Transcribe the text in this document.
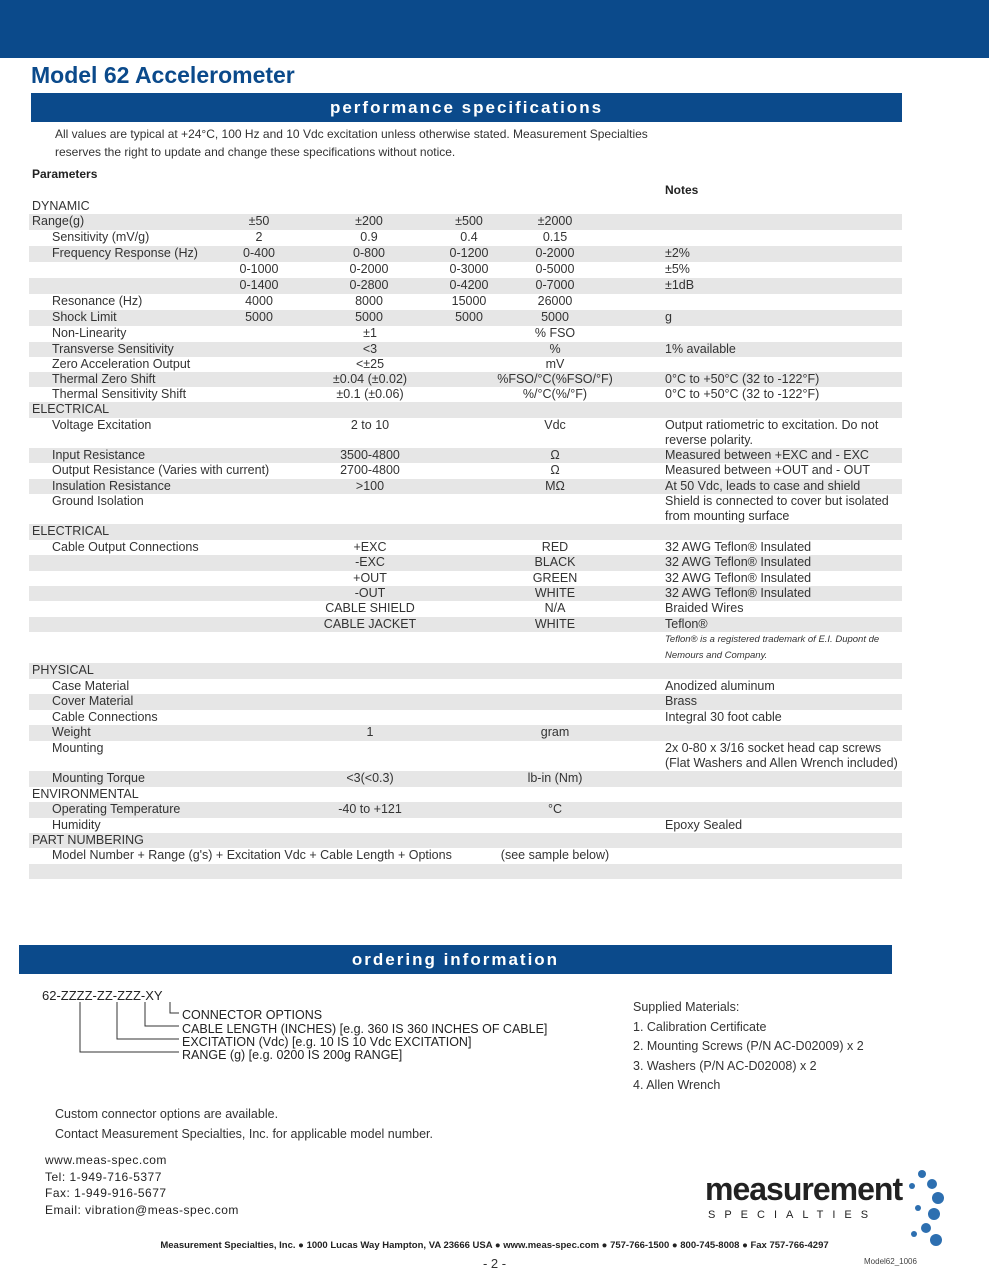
Model 62 Accelerometer
performance specifications
All values are typical at +24°C, 100 Hz and 10 Vdc excitation unless otherwise stated. Measurement Specialties
reserves the right to update and change these specifications without notice.
Parameters
Notes
DYNAMIC
Range(g)	±50	±200	±500	±2000
Sensitivity (mV/g)	2	0.9	0.4	0.15
Frequency Response (Hz)	0-400	0-800	0-1200	0-2000	±2%
0-1000	0-2000	0-3000	0-5000	±5%
0-1400	0-2800	0-4200	0-7000	±1dB
Resonance (Hz)	4000	8000	15000	26000
Shock Limit	5000	5000	5000	5000	g
Non-Linearity	±1	% FSO
Transverse Sensitivity	<3	%	1% available
Zero Acceleration Output	<±25	mV
Thermal Zero Shift	±0.04 (±0.02)	%FSO/°C(%FSO/°F)	0°C to +50°C (32 to -122°F)
Thermal Sensitivity Shift	±0.1 (±0.06)	%/°C(%/°F)	0°C to +50°C (32 to -122°F)
ELECTRICAL
Voltage Excitation	2 to 10	Vdc	Output ratiometric to excitation. Do not reverse polarity.
Input Resistance	3500-4800	Ω	Measured between +EXC and - EXC
Output Resistance (Varies with current)	2700-4800	Ω	Measured between +OUT and - OUT
Insulation Resistance	>100	MΩ	At 50 Vdc, leads to case and shield
Ground Isolation	Shield is connected to cover but isolated from mounting surface
ELECTRICAL
Cable Output Connections	+EXC	RED	32 AWG Teflon® Insulated
-EXC	BLACK	32 AWG Teflon® Insulated
+OUT	GREEN	32 AWG Teflon® Insulated
-OUT	WHITE	32 AWG Teflon® Insulated
CABLE SHIELD	N/A	Braided Wires
CABLE JACKET	WHITE	Teflon®
Teflon® is a registered trademark of E.I. Dupont de Nemours and Company.
PHYSICAL
Case Material	Anodized aluminum
Cover Material	Brass
Cable Connections	Integral 30 foot cable
Weight	1	gram
Mounting	2x 0-80 x 3/16 socket head cap screws (Flat Washers and Allen Wrench included)
Mounting Torque	<3(<0.3)	lb-in (Nm)
ENVIRONMENTAL
Operating Temperature	-40 to +121	°C
Humidity	Epoxy Sealed
PART NUMBERING
Model Number + Range (g's) + Excitation Vdc + Cable Length + Options	(see sample below)
ordering information
62-ZZZZ-ZZ-ZZZ-XY
CONNECTOR OPTIONS
CABLE LENGTH (INCHES) [e.g. 360 IS 360 INCHES OF CABLE]
EXCITATION (Vdc) [e.g. 10 IS 10 Vdc EXCITATION]
RANGE (g) [e.g. 0200 IS 200g RANGE]
Supplied Materials:
1. Calibration Certificate
2. Mounting Screws (P/N AC-D02009) x 2
3. Washers (P/N AC-D02008) x 2
4. Allen Wrench
Custom connector options are available.
Contact Measurement Specialties, Inc. for applicable model number.
www.meas-spec.com
Tel: 1-949-716-5377
Fax: 1-949-916-5677
Email: vibration@meas-spec.com
measurement
SPECIALTIES
Measurement Specialties, Inc. ● 1000 Lucas Way Hampton, VA 23666 USA ● www.meas-spec.com ● 757-766-1500 ● 800-745-8008 ● Fax 757-766-4297
- 2 -	Model62_1006
